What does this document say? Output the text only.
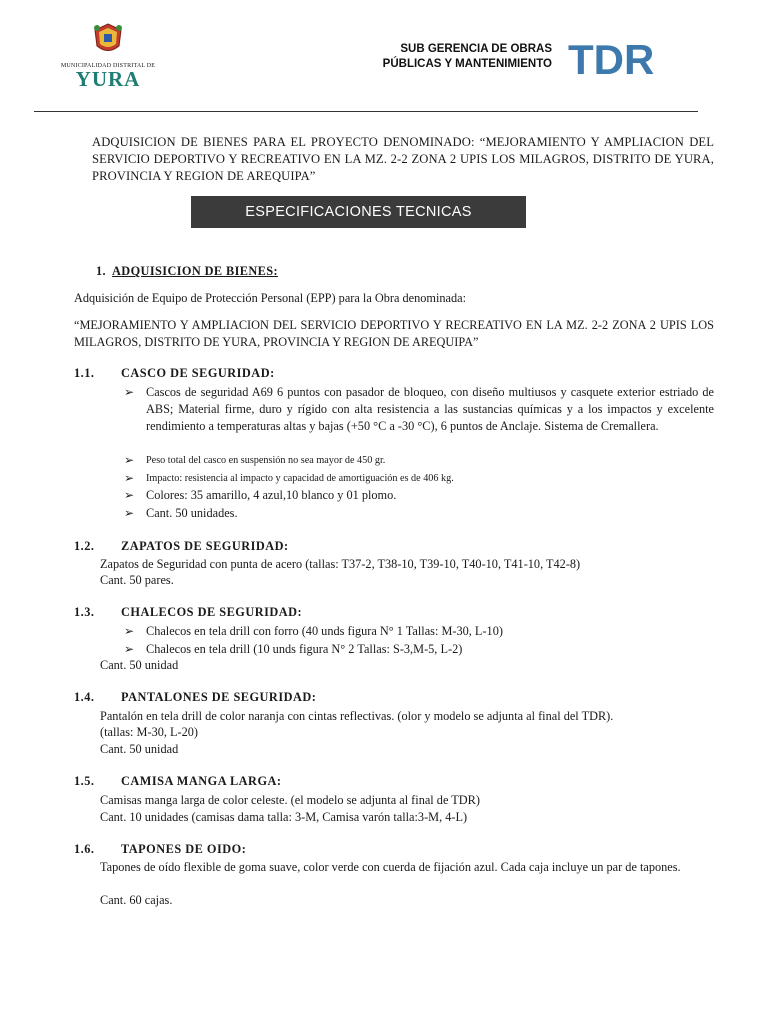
MUNICIPALIDAD DISTRITAL DE
YURA
SUB GERENCIA DE OBRAS
PÚBLICAS Y MANTENIMIENTO TDR
ADQUISICION DE BIENES PARA EL PROYECTO DENOMINADO: “MEJORAMIENTO Y AMPLIACION DEL SERVICIO DEPORTIVO Y RECREATIVO EN LA MZ. 2-2 ZONA 2 UPIS LOS MILAGROS, DISTRITO DE YURA, PROVINCIA Y REGION DE AREQUIPA”
ESPECIFICACIONES TECNICAS
1. ADQUISICION DE BIENES:
Adquisición de Equipo de Protección Personal (EPP) para la Obra denominada:
“MEJORAMIENTO Y AMPLIACION DEL SERVICIO DEPORTIVO Y RECREATIVO EN LA MZ. 2-2 ZONA 2 UPIS LOS MILAGROS, DISTRITO DE YURA, PROVINCIA Y REGION DE AREQUIPA”
1.1. CASCO DE SEGURIDAD:
➢ Cascos de seguridad A69 6 puntos con pasador de bloqueo, con diseño multiusos y casquete exterior estriado de ABS; Material firme, duro y rígido con alta resistencia a las sustancias químicas y a los impactos y excelente rendimiento a temperaturas altas y bajas (+50 °C a -30 °C), 6 puntos de Anclaje. Sistema de Cremallera.
➢ Peso total del casco en suspensión no sea mayor de 450 gr.
➢ Impacto: resistencia al impacto y capacidad de amortiguación es de 406 kg.
➢ Colores: 35 amarillo, 4 azul,10 blanco y 01 plomo.
➢ Cant. 50 unidades.
1.2. ZAPATOS DE SEGURIDAD:
Zapatos de Seguridad con punta de acero (tallas: T37-2, T38-10, T39-10, T40-10, T41-10, T42-8)
Cant. 50 pares.
1.3. CHALECOS DE SEGURIDAD:
➢ Chalecos en tela drill con forro (40 unds figura N° 1 Tallas: M-30, L-10)
➢ Chalecos en tela drill (10 unds figura N° 2 Tallas: S-3,M-5, L-2)
Cant. 50 unidad
1.4. PANTALONES DE SEGURIDAD:
Pantalón en tela drill de color naranja con cintas reflectivas. (olor y modelo se adjunta al final del TDR).
(tallas: M-30, L-20)
Cant. 50 unidad
1.5. CAMISA MANGA LARGA:
Camisas manga larga de color celeste. (el modelo se adjunta al final de TDR)
Cant. 10 unidades (camisas dama talla: 3-M, Camisa varón talla:3-M, 4-L)
1.6. TAPONES DE OIDO:
Tapones de oído flexible de goma suave, color verde con cuerda de fijación azul. Cada caja incluye un par de tapones.
Cant. 60 cajas.
